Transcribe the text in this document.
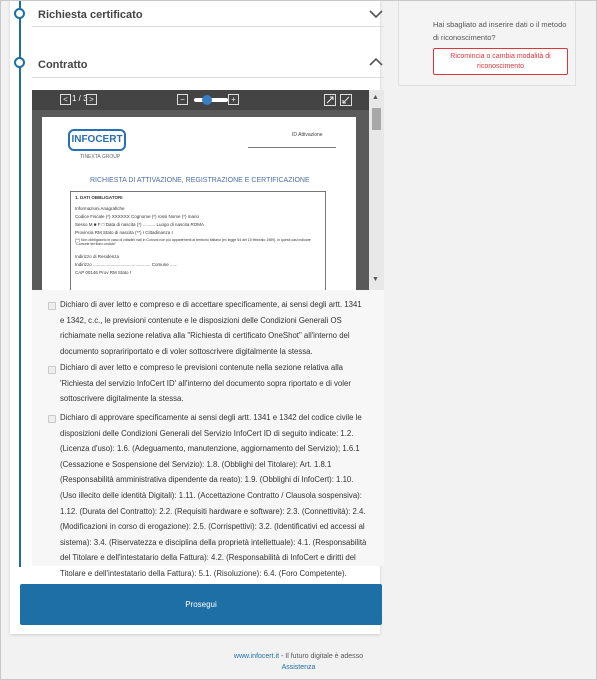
Richiesta certificato
Contratto
< 1 / 3 >	−	+
INFOCERT
TINEXTA GROUP
ID Attivazione
RICHIESTA DI ATTIVAZIONE, REGISTRAZIONE E CERTIFICAZIONE
1. DATI OBBLIGATORI
Informazioni Anagrafiche
Codice Fiscale (*) XXXXXX Cognome (*) rossi Nome (*) mario
Sesso M ■ F □ Data di nascita (*) .......... Luogo di nascita ROMA
Provincia RM Stato di nascita (**) I Cittadinanza I
(**) Non obbligatorio in caso di cittadini nati in Comuni non più appartenenti al territorio italiano (ex legge 54 del 15 febbraio 1989). In questi casi indicare "Comune territorio ceduto"
Indirizzo di Residenza
Indirizzo .............................................. Comune ......
CAP 00146 Prov RM Stato I
▲
▼
Dichiaro di aver letto e compreso e di accettare specificamente, ai sensi degli artt. 1341 e 1342, c.c., le previsioni contenute e le disposizioni delle Condizioni Generali OS richiamate nella sezione relativa alla "Richiesta di certificato OneShot" all'interno del documento sopraririportato e di voler sottoscrivere digitalmente la stessa.
Dichiaro di aver letto e compreso le previsioni contenute nella sezione relativa alla 'Richiesta del servizio InfoCert ID' all'interno del documento sopra riportato e di voler sottoscrivere digitalmente la stessa.
Dichiaro di approvare specificamente ai sensi degli artt. 1341 e 1342 del codice civile le disposizioni delle Condizioni Generali del Servizio InfoCert ID di seguito indicate: 1.2. (Licenza d'uso): 1.6. (Adeguamento, manutenzione, aggiornamento del Servizio); 1.6.1 (Cessazione e Sospensione del Servizio): 1.8. (Obblighi del Titolare): Art. 1.8.1 (Responsabilità amministrativa dipendente da reato): 1.9. (Obblighi di InfoCert): 1.10. (Uso illecito delle identità Digitali): 1.11. (Accettazione Contratto / Clausola sospensiva): 1.12. (Durata del Contratto): 2.2. (Requisiti hardware e software): 2.3. (Connettività): 2.4. (Modificazioni in corso di erogazione): 2.5. (Corrispettivi): 3.2. (Identificativi ed accessi al sistema): 3.4. (Riservatezza e disciplina della proprietà intellettuale): 4.1. (Responsabilità del Titolare e dell'intestatario della Fattura): 4.2. (Responsabilità di InfoCert e diritti del Titolare e dell'intestatario della Fattura): 5.1. (Risoluzione): 6.4. (Foro Competente).
Prosegui
Hai sbagliato ad inserire dati o il metodo di riconoscimento?
Ricomincia o cambia modalità di riconoscimento
www.infocert.it - Il futuro digitale è adesso
Assistenza
